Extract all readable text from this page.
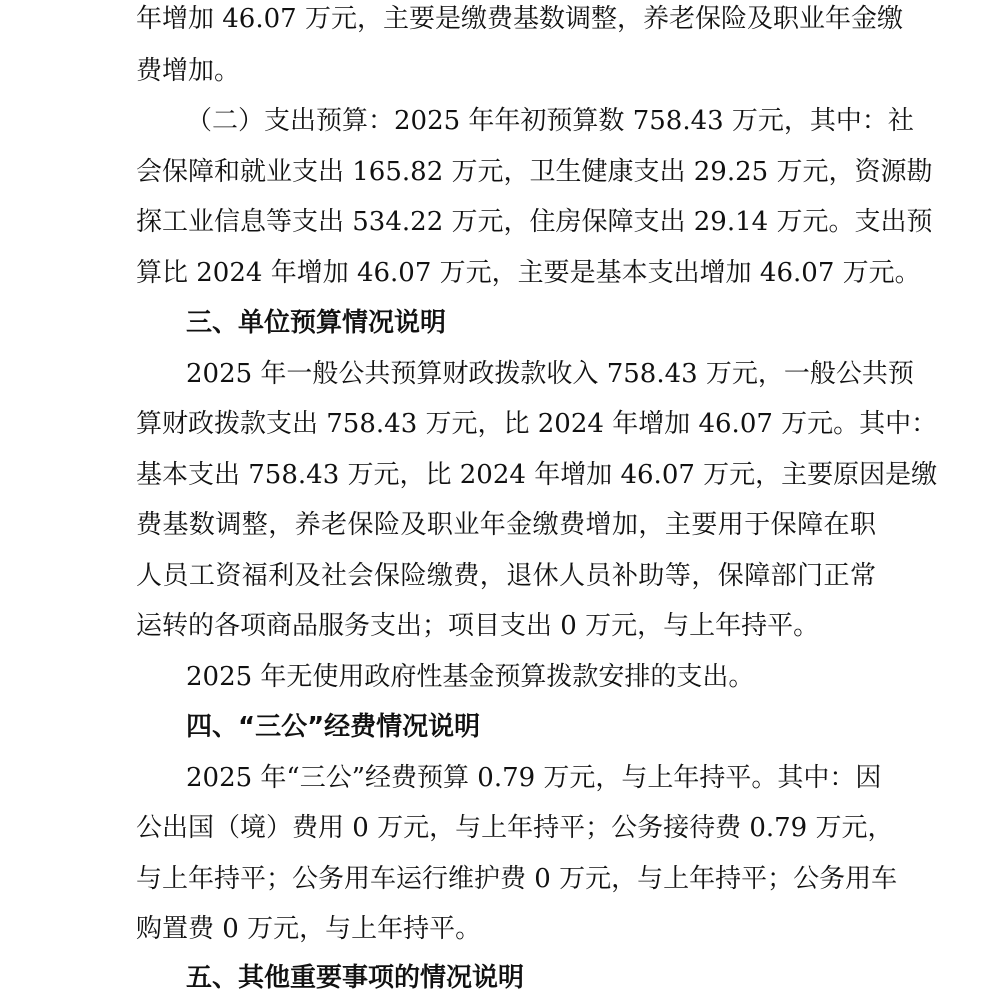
年增加 46.07 万元，主要是缴费基数调整，养老保险及职业年金缴

费增加。

（二）支出预算：2025 年年初预算数 758.43 万元，其中：社

会保障和就业支出 165.82 万元，卫生健康支出 29.25 万元，资源勘

探工业信息等支出 534.22 万元，住房保障支出 29.14 万元。支出预

算比 2024 年增加 46.07 万元，主要是基本支出增加 46.07 万元。

三、单位预算情况说明

2025 年一般公共预算财政拨款收入 758.43 万元，一般公共预

算财政拨款支出 758.43 万元，比 2024 年增加 46.07 万元。其中：

基本支出 758.43 万元，比 2024 年增加 46.07 万元，主要原因是缴

费基数调整，养老保险及职业年金缴费增加，主要用于保障在职

人员工资福利及社会保险缴费，退休人员补助等，保障部门正常

运转的各项商品服务支出；项目支出 0 万元，与上年持平。

2025 年无使用政府性基金预算拨款安排的支出。

四、“三公”经费情况说明

2025 年“三公”经费预算 0.79 万元，与上年持平。其中：因

公出国（境）费用 0 万元，与上年持平；公务接待费 0.79 万元，

与上年持平；公务用车运行维护费 0 万元，与上年持平；公务用车

购置费 0 万元，与上年持平。

五、其他重要事项的情况说明
